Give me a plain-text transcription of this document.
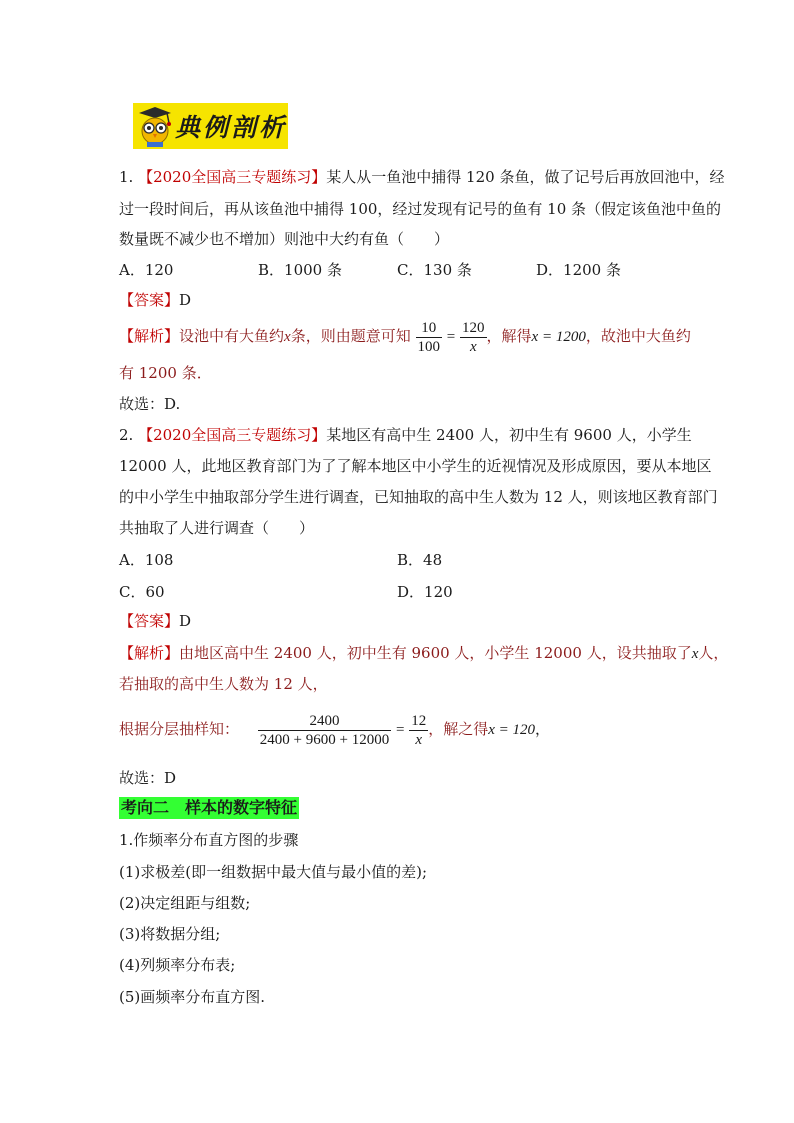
典例剖析
1. 【2020全国高三专题练习】某人从一鱼池中捕得 120 条鱼，做了记号后再放回池中，经
过一段时间后，再从该鱼池中捕得 100，经过发现有记号的鱼有 10 条（假定该鱼池中鱼的
数量既不减少也不增加）则池中大约有鱼（　　）
A．120	B．1000 条	C．130 条	D．1200 条
【答案】D
【解析】设池中有大鱼约x条，则由题意可知 $\frac{10}{100} = \frac{120}{x}$ ，解得x = 1200，故池中大鱼约
有 1200 条．
故选：D.
2. 【2020全国高三专题练习】某地区有高中生 2400 人，初中生有 9600 人，小学生
12000 人，此地区教育部门为了了解本地区中小学生的近视情况及形成原因，要从本地区
的中小学生中抽取部分学生进行调查，已知抽取的高中生人数为 12 人，则该地区教育部门
共抽取了人进行调查（　　）
A．108	B．48
C．60	D．120
【答案】D
【解析】由地区高中生 2400 人，初中生有 9600 人，小学生 12000 人，设共抽取了x人，
若抽取的高中生人数为 12 人，
根据分层抽样知： $\frac{2400}{2400 + 9600 + 12000} = \frac{12}{x}$ ，解之得x = 120，
故选：D
考向二　样本的数字特征
1.作频率分布直方图的步骤
(1)求极差(即一组数据中最大值与最小值的差);
(2)决定组距与组数;
(3)将数据分组;
(4)列频率分布表;
(5)画频率分布直方图.
